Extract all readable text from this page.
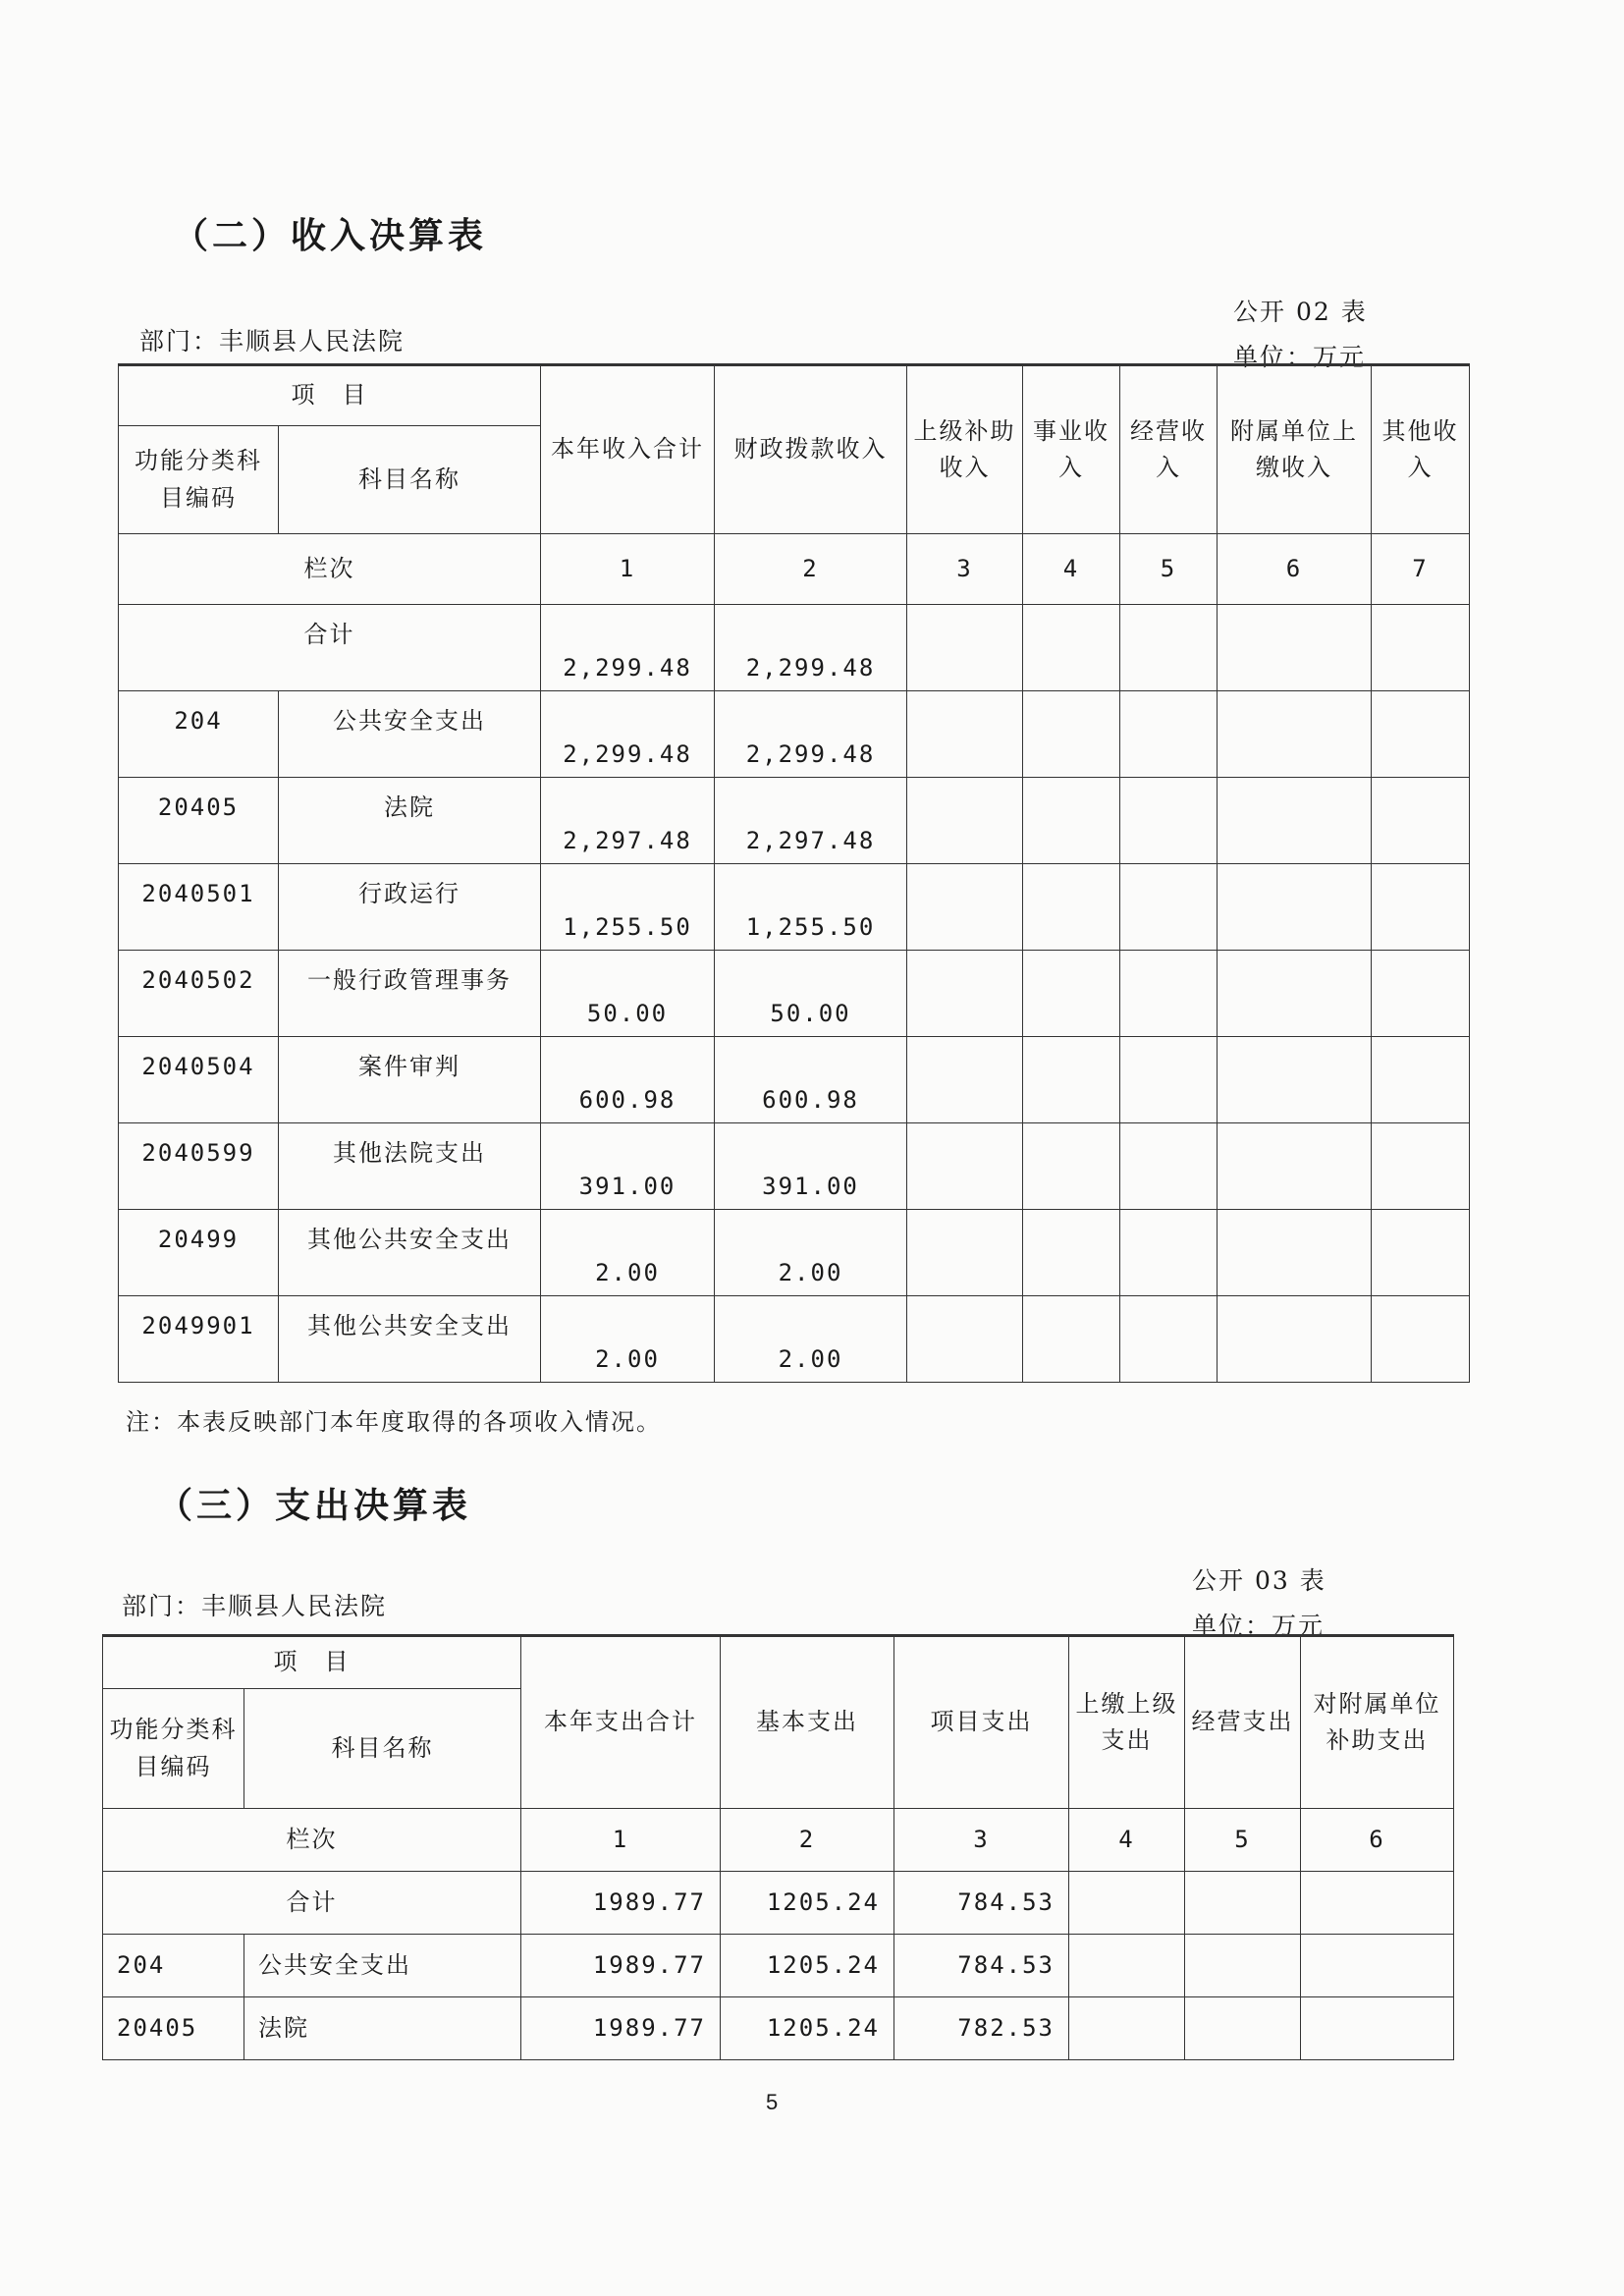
（二）收入决算表
公开 02 表
部门：丰顺县人民法院
单位：万元
项　目		本年收入合计	财政拨款收入	上级补助收入	事业收入	经营收入	附属单位上缴收入	其他收入
功能分类科目编码	科目名称							
栏次		1	2	3	4	5	6	7
合计		2,299.48	2,299.48					
204	公共安全支出	2,299.48	2,299.48					
20405	法院	2,297.48	2,297.48					
2040501	行政运行	1,255.50	1,255.50					
2040502	一般行政管理事务	50.00	50.00					
2040504	案件审判	600.98	600.98					
2040599	其他法院支出	391.00	391.00					
20499	其他公共安全支出	2.00	2.00					
2049901	其他公共安全支出	2.00	2.00					
注：本表反映部门本年度取得的各项收入情况。
（三）支出决算表
公开 03 表
部门：丰顺县人民法院
单位：万元
项　目		本年支出合计	基本支出	项目支出	上缴上级支出	经营支出	对附属单位补助支出
功能分类科目编码	科目名称						
栏次		1	2	3	4	5	6
合计		1989.77	1205.24	784.53			
204	公共安全支出	1989.77	1205.24	784.53			
20405	法院	1989.77	1205.24	782.53			
5
